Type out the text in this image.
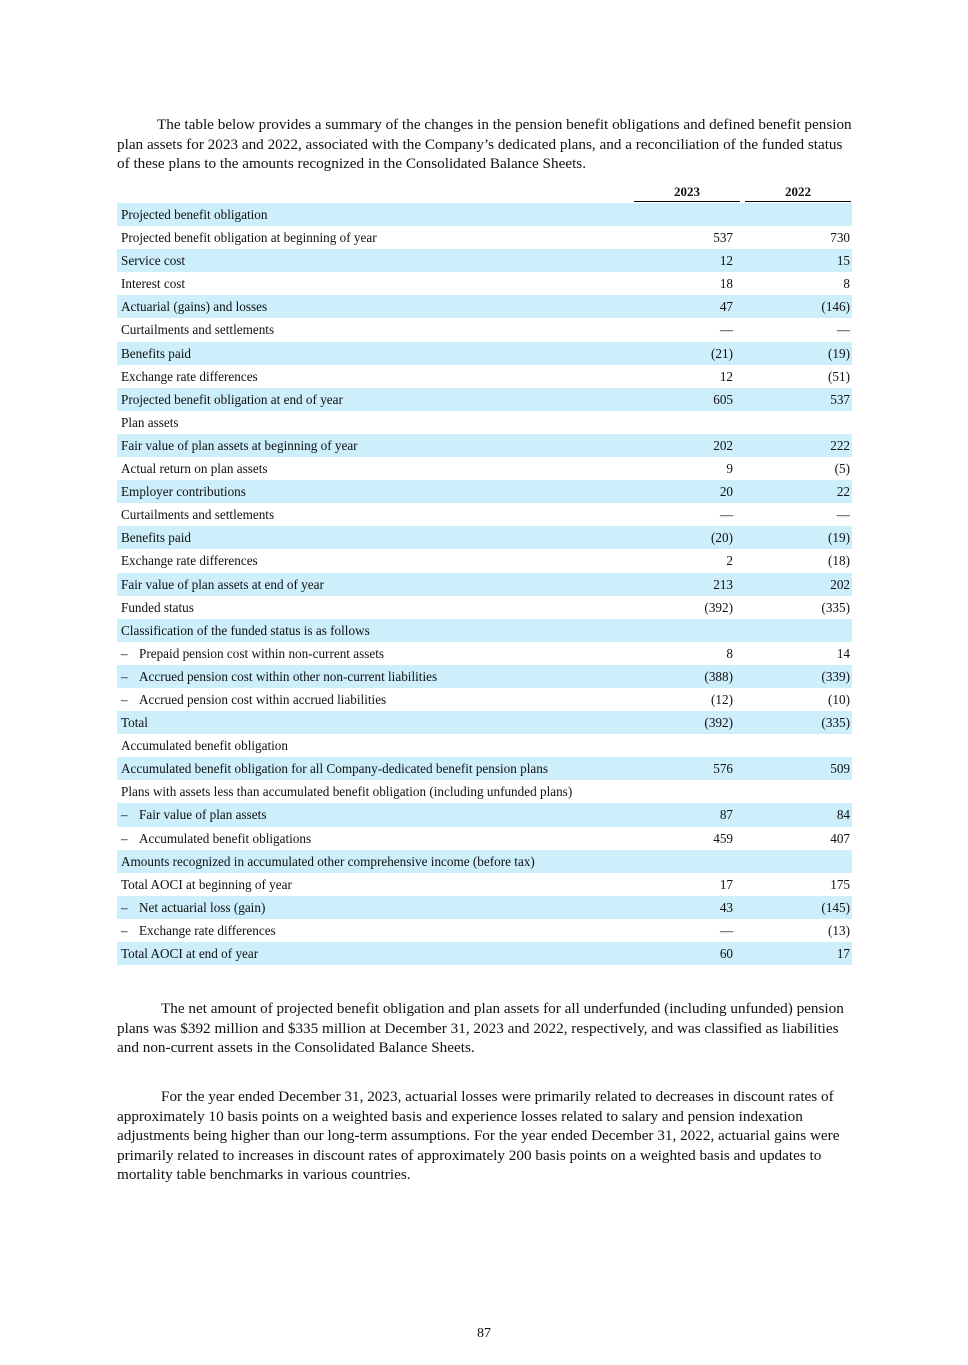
The table below provides a summary of the changes in the pension benefit obligations and defined benefit pension plan assets for 2023 and 2022, associated with the Company’s dedicated plans, and a reconciliation of the funded status of these plans to the amounts recognized in the Consolidated Balance Sheets.

2023	2022
Projected benefit obligation
Projected benefit obligation at beginning of year	537	730
Service cost	12	15
Interest cost	18	8
Actuarial (gains) and losses	47	(146)
Curtailments and settlements	—	—
Benefits paid	(21)	(19)
Exchange rate differences	12	(51)
Projected benefit obligation at end of year	605	537
Plan assets
Fair value of plan assets at beginning of year	202	222
Actual return on plan assets	9	(5)
Employer contributions	20	22
Curtailments and settlements	—	—
Benefits paid	(20)	(19)
Exchange rate differences	2	(18)
Fair value of plan assets at end of year	213	202
Funded status	(392)	(335)
Classification of the funded status is as follows
– Prepaid pension cost within non-current assets	8	14
– Accrued pension cost within other non-current liabilities	(388)	(339)
– Accrued pension cost within accrued liabilities	(12)	(10)
Total	(392)	(335)
Accumulated benefit obligation
Accumulated benefit obligation for all Company-dedicated benefit pension plans	576	509
Plans with assets less than accumulated benefit obligation (including unfunded plans)
– Fair value of plan assets	87	84
– Accumulated benefit obligations	459	407
Amounts recognized in accumulated other comprehensive income (before tax)
Total AOCI at beginning of year	17	175
– Net actuarial loss (gain)	43	(145)
– Exchange rate differences	—	(13)
Total AOCI at end of year	60	17

The net amount of projected benefit obligation and plan assets for all underfunded (including unfunded) pension plans was $392 million and $335 million at December 31, 2023 and 2022, respectively, and was classified as liabilities and non-current assets in the Consolidated Balance Sheets.

For the year ended December 31, 2023, actuarial losses were primarily related to decreases in discount rates of approximately 10 basis points on a weighted basis and experience losses related to salary and pension indexation adjustments being higher than our long-term assumptions. For the year ended December 31, 2022, actuarial gains were primarily related to increases in discount rates of approximately 200 basis points on a weighted basis and updates to mortality table benchmarks in various countries.

87
